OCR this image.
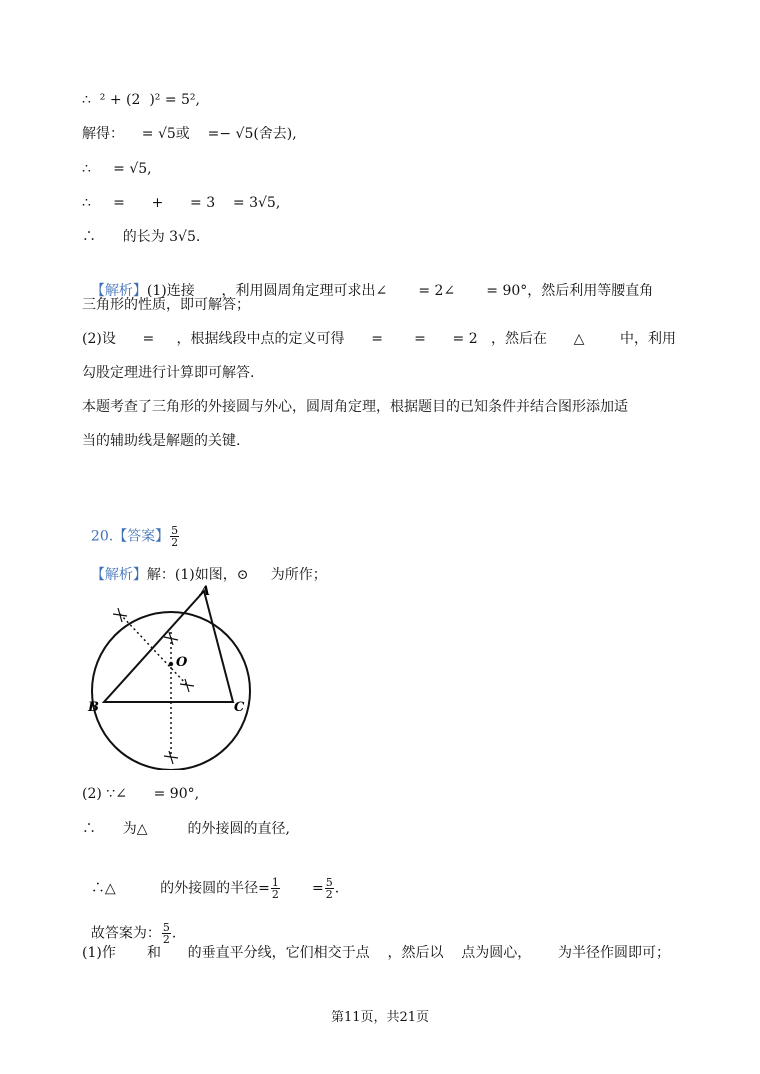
∴  ² + (2  )² = 5²,
解得：    = √5或    =− √5(舍去),
∴     = √5,
∴     =      +      = 3    = 3√5,
∴      的长为 3√5.

【解析】(1)连接      ，利用圆周角定理可求出∠       = 2∠       = 90°，然后利用等腰直角

三角形的性质，即可解答；
(2)设      =     ，根据线段中点的定义可得      =       =      = 2   ，然后在      △        中，利用
勾股定理进行计算即可解答.
本题考查了三角形的外接圆与外心，圆周角定理，根据题目的已知条件并结合图形添加适
当的辅助线是解题的关键.

20.【答案】 $\frac{5}{2}$

【解析】解：(1)如图，⊙     为所作；

A
B	C
O
(2) ∵∠      = 90°,
∴      为△         的外接圆的直径,

∴△          的外接圆的半径= $\frac{1}{2} = \frac{5}{2}$ .

故答案为： $\frac{5}{2}$ .

(1)作       和      的垂直平分线，它们相交于点    ，然后以    点为圆心，      为半径作圆即可；
第11页，共21页
